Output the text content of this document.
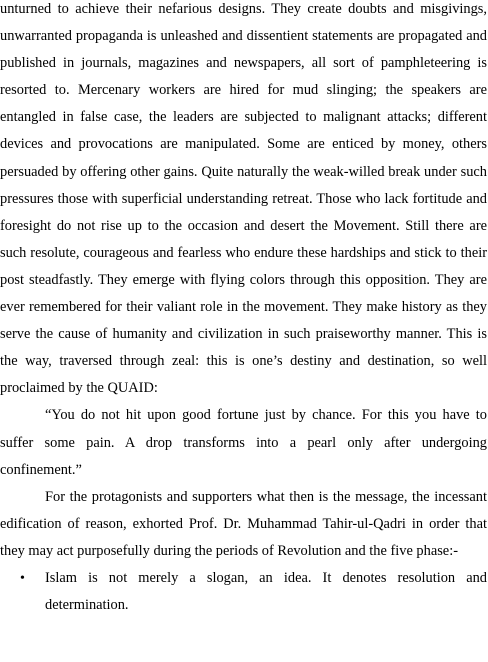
unturned to achieve their nefarious designs. They create doubts and misgivings, unwarranted propaganda is unleashed and dissentient statements are propagated and published in journals, magazines and newspapers, all sort of pamphleteering is resorted to. Mercenary workers are hired for mud slinging; the speakers are entangled in false case, the leaders are subjected to malignant attacks; different devices and provocations are manipulated. Some are enticed by money, others persuaded by offering other gains. Quite naturally the weak-willed break under such pressures those with superficial understanding retreat. Those who lack fortitude and foresight do not rise up to the occasion and desert the Movement. Still there are such resolute, courageous and fearless who endure these hardships and stick to their post steadfastly. They emerge with flying colors through this opposition. They are ever remembered for their valiant role in the movement. They make history as they serve the cause of humanity and civilization in such praiseworthy manner. This is the way, traversed through zeal: this is one’s destiny and destination, so well proclaimed by the QUAID:

“You do not hit upon good fortune just by chance. For this you have to suffer some pain. A drop transforms into a pearl only after undergoing confinement.”

For the protagonists and supporters what then is the message, the incessant edification of reason, exhorted Prof. Dr. Muhammad Tahir-ul-Qadri in order that they may act purposefully during the periods of Revolution and the five phase:-

• Islam is not merely a slogan, an idea. It denotes resolution and determination.
